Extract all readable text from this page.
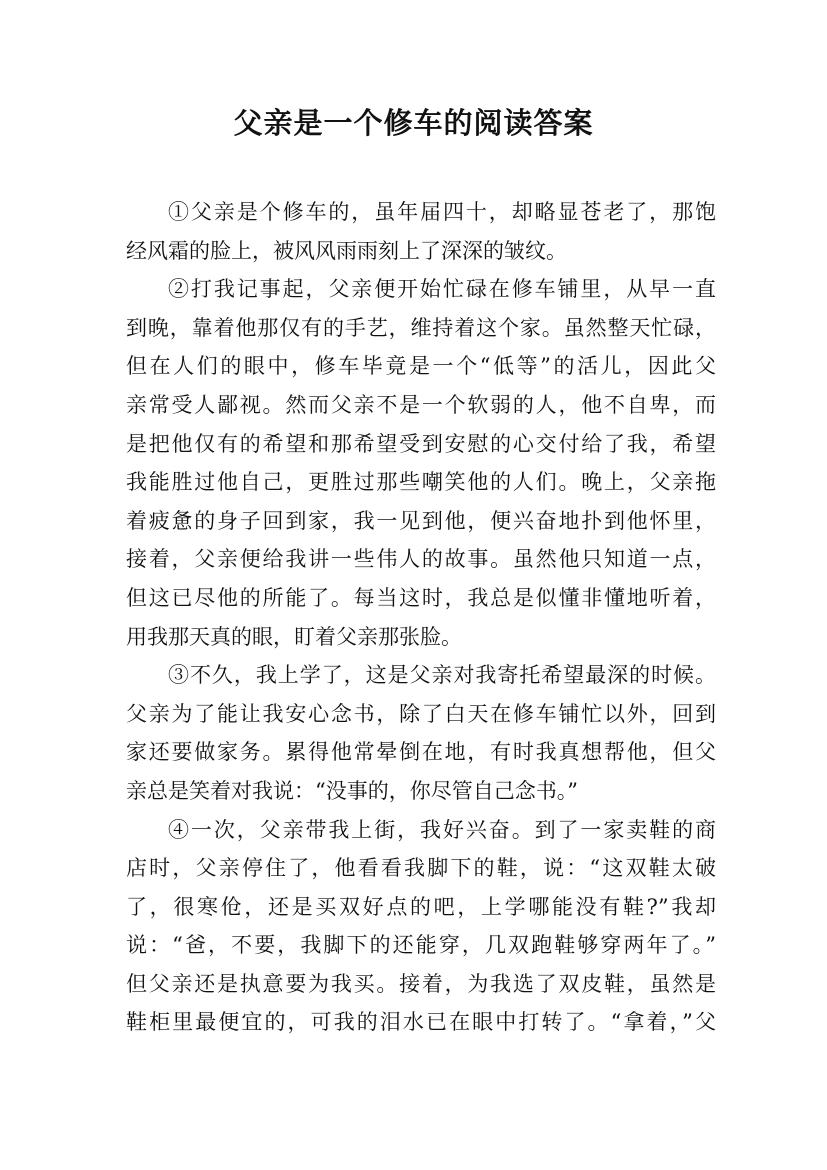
父亲是一个修车的阅读答案
①父亲是个修车的，虽年届四十，却略显苍老了，那饱
经风霜的脸上，被风风雨雨刻上了深深的皱纹。
②打我记事起，父亲便开始忙碌在修车铺里，从早一直
到晚，靠着他那仅有的手艺，维持着这个家。虽然整天忙碌，
但在人们的眼中，修车毕竟是一个“低等”的活儿，因此父
亲常受人鄙视。然而父亲不是一个软弱的人，他不自卑，而
是把他仅有的希望和那希望受到安慰的心交付给了我，希望
我能胜过他自己，更胜过那些嘲笑他的人们。晚上，父亲拖
着疲惫的身子回到家，我一见到他，便兴奋地扑到他怀里，
接着，父亲便给我讲一些伟人的故事。虽然他只知道一点，
但这已尽他的所能了。每当这时，我总是似懂非懂地听着，
用我那天真的眼，盯着父亲那张脸。
③不久，我上学了，这是父亲对我寄托希望最深的时候。
父亲为了能让我安心念书，除了白天在修车铺忙以外，回到
家还要做家务。累得他常晕倒在地，有时我真想帮他，但父
亲总是笑着对我说：“没事的，你尽管自己念书。”
④一次，父亲带我上街，我好兴奋。到了一家卖鞋的商
店时，父亲停住了，他看看我脚下的鞋，说：“这双鞋太破
了，很寒伧，还是买双好点的吧，上学哪能没有鞋?”我却
说：“爸，不要，我脚下的还能穿，几双跑鞋够穿两年了。”
但父亲还是执意要为我买。接着，为我选了双皮鞋，虽然是
鞋柜里最便宜的，可我的泪水已在眼中打转了。“拿着，”父
